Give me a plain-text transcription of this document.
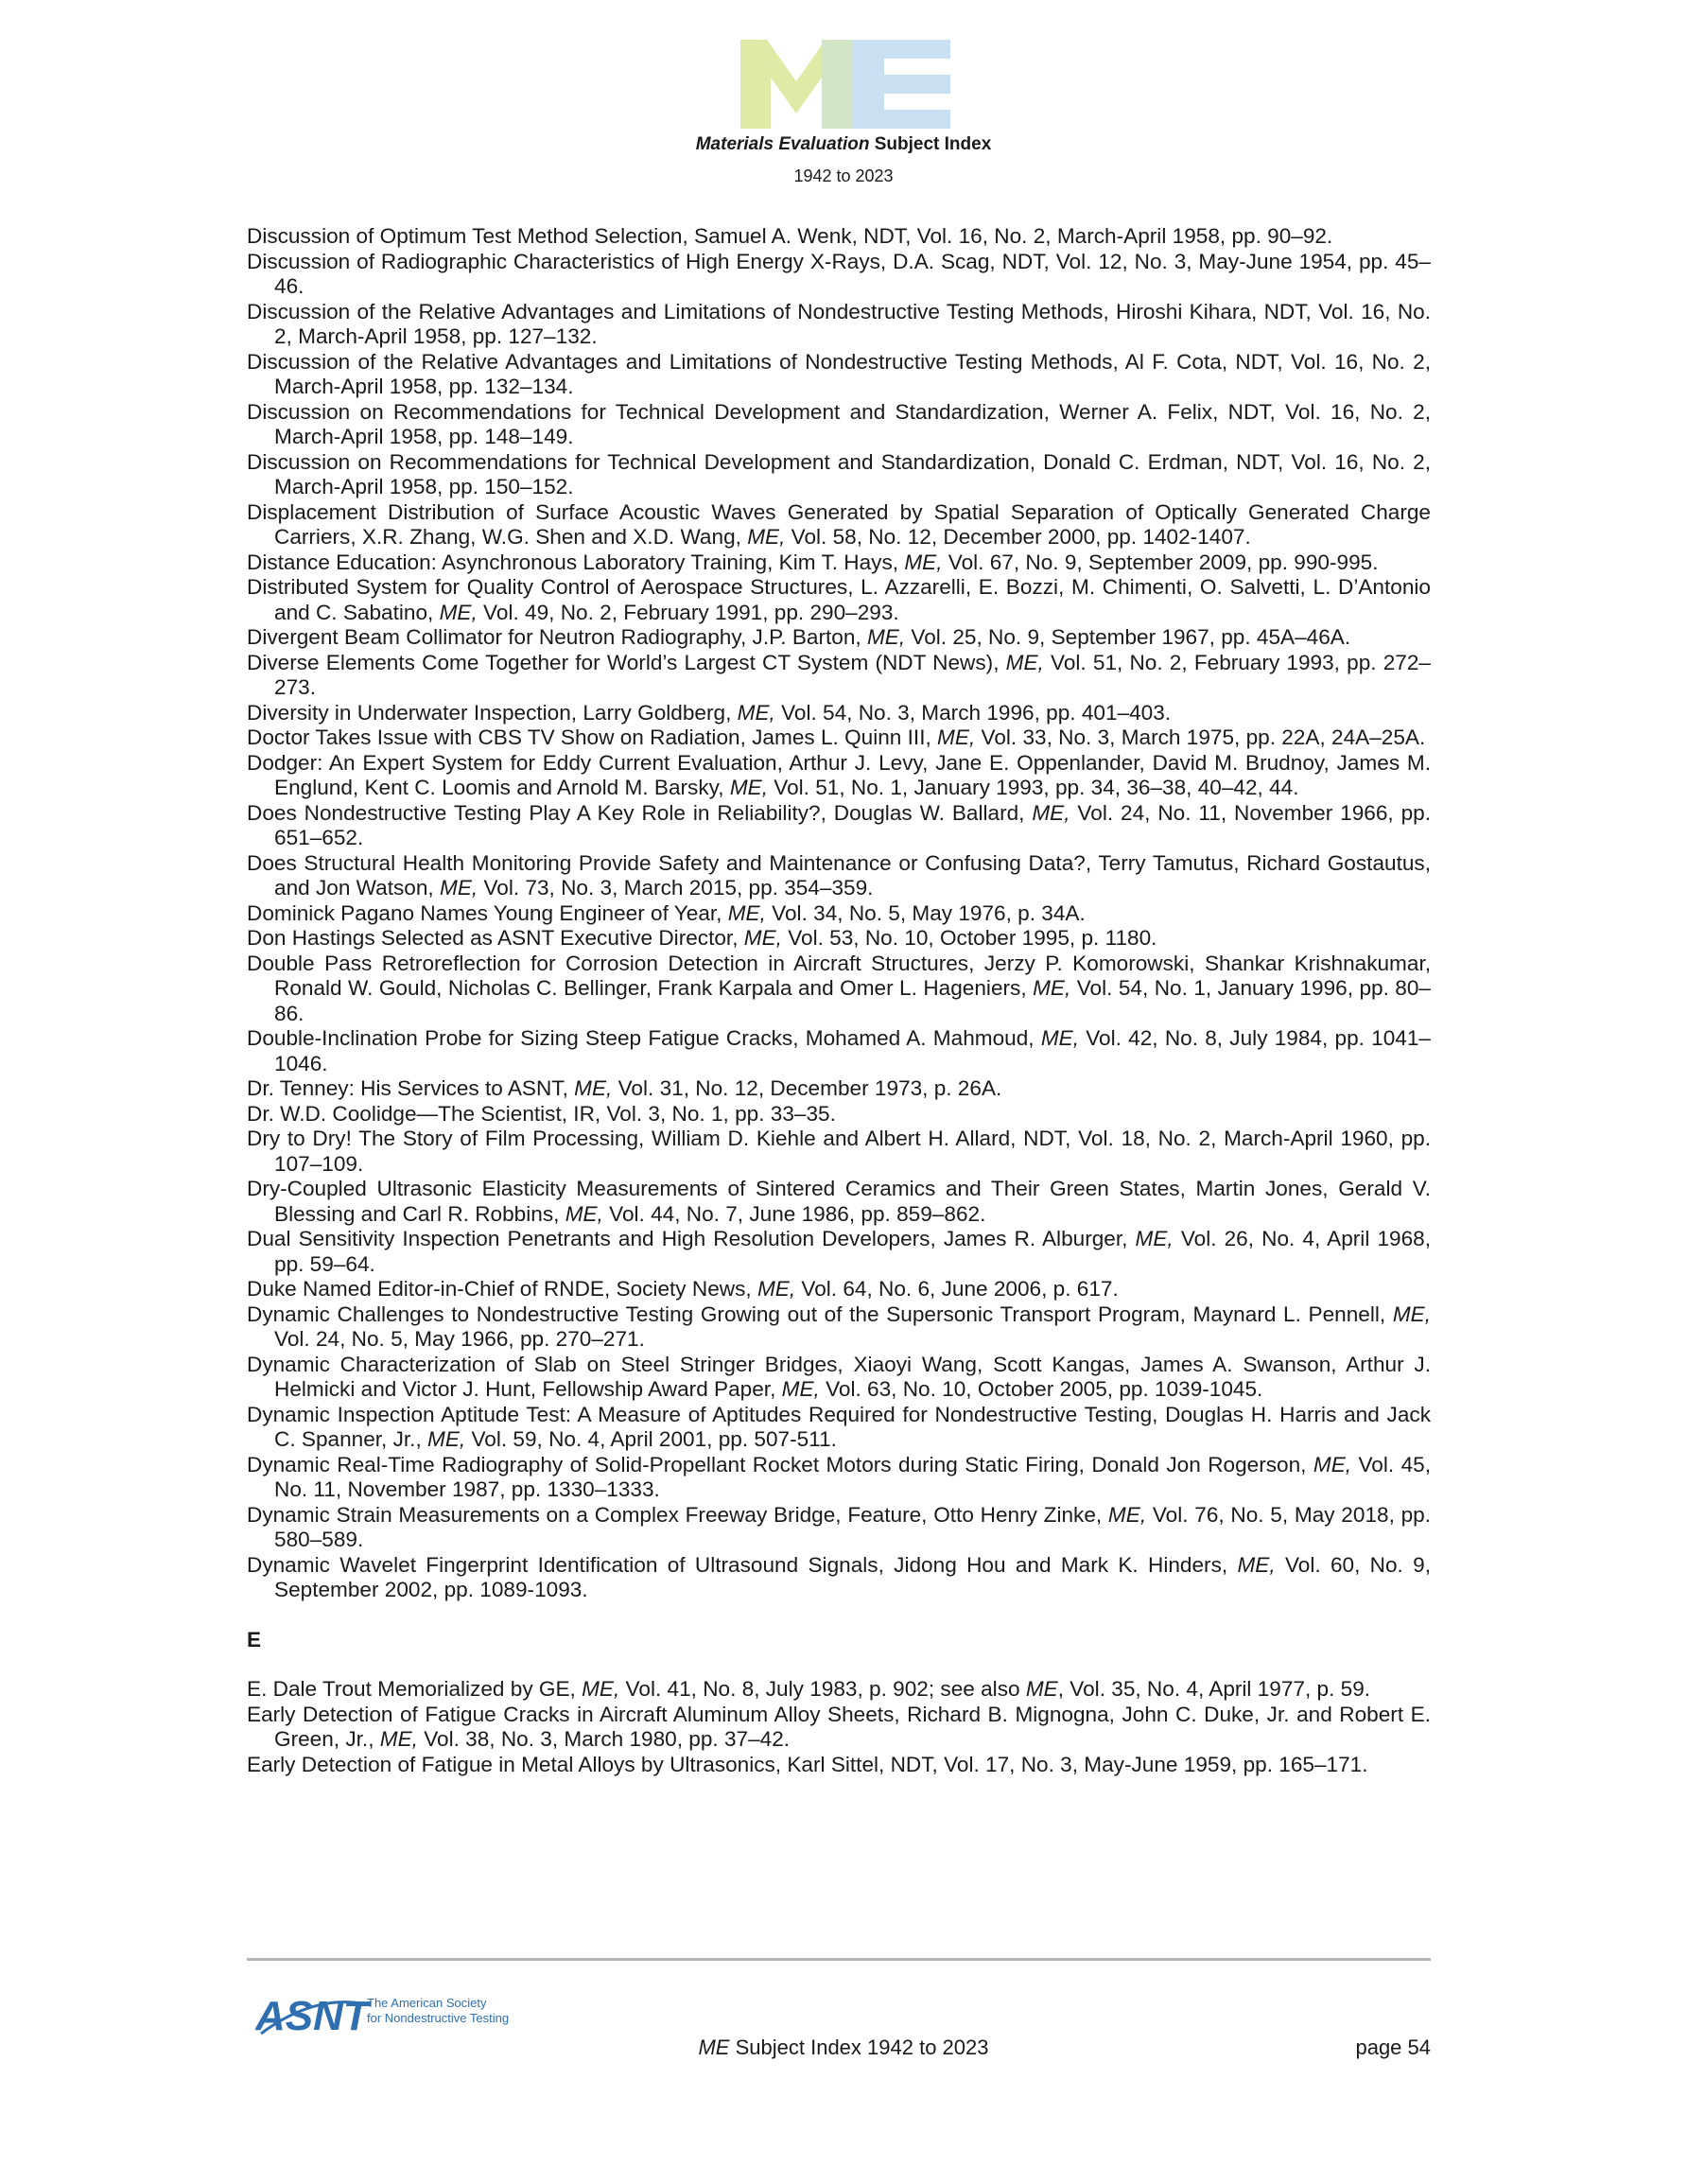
Materials Evaluation Subject Index
1942 to 2023

Discussion of Optimum Test Method Selection, Samuel A. Wenk, NDT, Vol. 16, No. 2, March-April 1958, pp. 90–92.

Discussion of Radiographic Characteristics of High Energy X-Rays, D.A. Scag, NDT, Vol. 12, No. 3, May-June 1954, pp. 45–46.

Discussion of the Relative Advantages and Limitations of Nondestructive Testing Methods, Hiroshi Kihara, NDT, Vol. 16, No. 2, March-April 1958, pp. 127–132.

Discussion of the Relative Advantages and Limitations of Nondestructive Testing Methods, Al F. Cota, NDT, Vol. 16, No. 2, March-April 1958, pp. 132–134.

Discussion on Recommendations for Technical Development and Standardization, Werner A. Felix, NDT, Vol. 16, No. 2, March-April 1958, pp. 148–149.

Discussion on Recommendations for Technical Development and Standardization, Donald C. Erdman, NDT, Vol. 16, No. 2, March-April 1958, pp. 150–152.

Displacement Distribution of Surface Acoustic Waves Generated by Spatial Separation of Optically Generated Charge Carriers, X.R. Zhang, W.G. Shen and X.D. Wang, ME, Vol. 58, No. 12, December 2000, pp. 1402-1407.

Distance Education: Asynchronous Laboratory Training, Kim T. Hays, ME, Vol. 67, No. 9, September 2009, pp. 990-995.

Distributed System for Quality Control of Aerospace Structures, L. Azzarelli, E. Bozzi, M. Chimenti, O. Salvetti, L. D’Antonio and C. Sabatino, ME, Vol. 49, No. 2, February 1991, pp. 290–293.

Divergent Beam Collimator for Neutron Radiography, J.P. Barton, ME, Vol. 25, No. 9, September 1967, pp. 45A–46A.

Diverse Elements Come Together for World’s Largest CT System (NDT News), ME, Vol. 51, No. 2, February 1993, pp. 272–273.

Diversity in Underwater Inspection, Larry Goldberg, ME, Vol. 54, No. 3, March 1996, pp. 401–403.

Doctor Takes Issue with CBS TV Show on Radiation, James L. Quinn III, ME, Vol. 33, No. 3, March 1975, pp. 22A, 24A–25A.

Dodger: An Expert System for Eddy Current Evaluation, Arthur J. Levy, Jane E. Oppenlander, David M. Brudnoy, James M. Englund, Kent C. Loomis and Arnold M. Barsky, ME, Vol. 51, No. 1, January 1993, pp. 34, 36–38, 40–42, 44.

Does Nondestructive Testing Play A Key Role in Reliability?, Douglas W. Ballard, ME, Vol. 24, No. 11, November 1966, pp. 651–652.

Does Structural Health Monitoring Provide Safety and Maintenance or Confusing Data?, Terry Tamutus, Richard Gostautus, and Jon Watson, ME, Vol. 73, No. 3, March 2015, pp. 354–359.

Dominick Pagano Names Young Engineer of Year, ME, Vol. 34, No. 5, May 1976, p. 34A.

Don Hastings Selected as ASNT Executive Director, ME, Vol. 53, No. 10, October 1995, p. 1180.

Double Pass Retroreflection for Corrosion Detection in Aircraft Structures, Jerzy P. Komorowski, Shankar Krishnakumar, Ronald W. Gould, Nicholas C. Bellinger, Frank Karpala and Omer L. Hageniers, ME, Vol. 54, No. 1, January 1996, pp. 80–86.

Double-Inclination Probe for Sizing Steep Fatigue Cracks, Mohamed A. Mahmoud, ME, Vol. 42, No. 8, July 1984, pp. 1041–1046.

Dr. Tenney: His Services to ASNT, ME, Vol. 31, No. 12, December 1973, p. 26A.

Dr. W.D. Coolidge—The Scientist, IR, Vol. 3, No. 1, pp. 33–35.

Dry to Dry! The Story of Film Processing, William D. Kiehle and Albert H. Allard, NDT, Vol. 18, No. 2, March-April 1960, pp. 107–109.

Dry-Coupled Ultrasonic Elasticity Measurements of Sintered Ceramics and Their Green States, Martin Jones, Gerald V. Blessing and Carl R. Robbins, ME, Vol. 44, No. 7, June 1986, pp. 859–862.

Dual Sensitivity Inspection Penetrants and High Resolution Developers, James R. Alburger, ME, Vol. 26, No. 4, April 1968, pp. 59–64.

Duke Named Editor-in-Chief of RNDE, Society News, ME, Vol. 64, No. 6, June 2006, p. 617.

Dynamic Challenges to Nondestructive Testing Growing out of the Supersonic Transport Program, Maynard L. Pennell, ME, Vol. 24, No. 5, May 1966, pp. 270–271.

Dynamic Characterization of Slab on Steel Stringer Bridges, Xiaoyi Wang, Scott Kangas, James A. Swanson, Arthur J. Helmicki and Victor J. Hunt, Fellowship Award Paper, ME, Vol. 63, No. 10, October 2005, pp. 1039-1045.

Dynamic Inspection Aptitude Test: A Measure of Aptitudes Required for Nondestructive Testing, Douglas H. Harris and Jack C. Spanner, Jr., ME, Vol. 59, No. 4, April 2001, pp. 507-511.

Dynamic Real-Time Radiography of Solid-Propellant Rocket Motors during Static Firing, Donald Jon Rogerson, ME, Vol. 45, No. 11, November 1987, pp. 1330–1333.

Dynamic Strain Measurements on a Complex Freeway Bridge, Feature, Otto Henry Zinke, ME, Vol. 76, No. 5, May 2018, pp. 580–589.

Dynamic Wavelet Fingerprint Identification of Ultrasound Signals, Jidong Hou and Mark K. Hinders, ME, Vol. 60, No. 9, September 2002, pp. 1089-1093.

E

E. Dale Trout Memorialized by GE, ME, Vol. 41, No. 8, July 1983, p. 902; see also ME, Vol. 35, No. 4, April 1977, p. 59.

Early Detection of Fatigue Cracks in Aircraft Aluminum Alloy Sheets, Richard B. Mignogna, John C. Duke, Jr. and Robert E. Green, Jr., ME, Vol. 38, No. 3, March 1980, pp. 37–42.

Early Detection of Fatigue in Metal Alloys by Ultrasonics, Karl Sittel, NDT, Vol. 17, No. 3, May-June 1959, pp. 165–171.

ASNT
The American Society
for Nondestructive Testing
ME Subject Index 1942 to 2023	page 54
